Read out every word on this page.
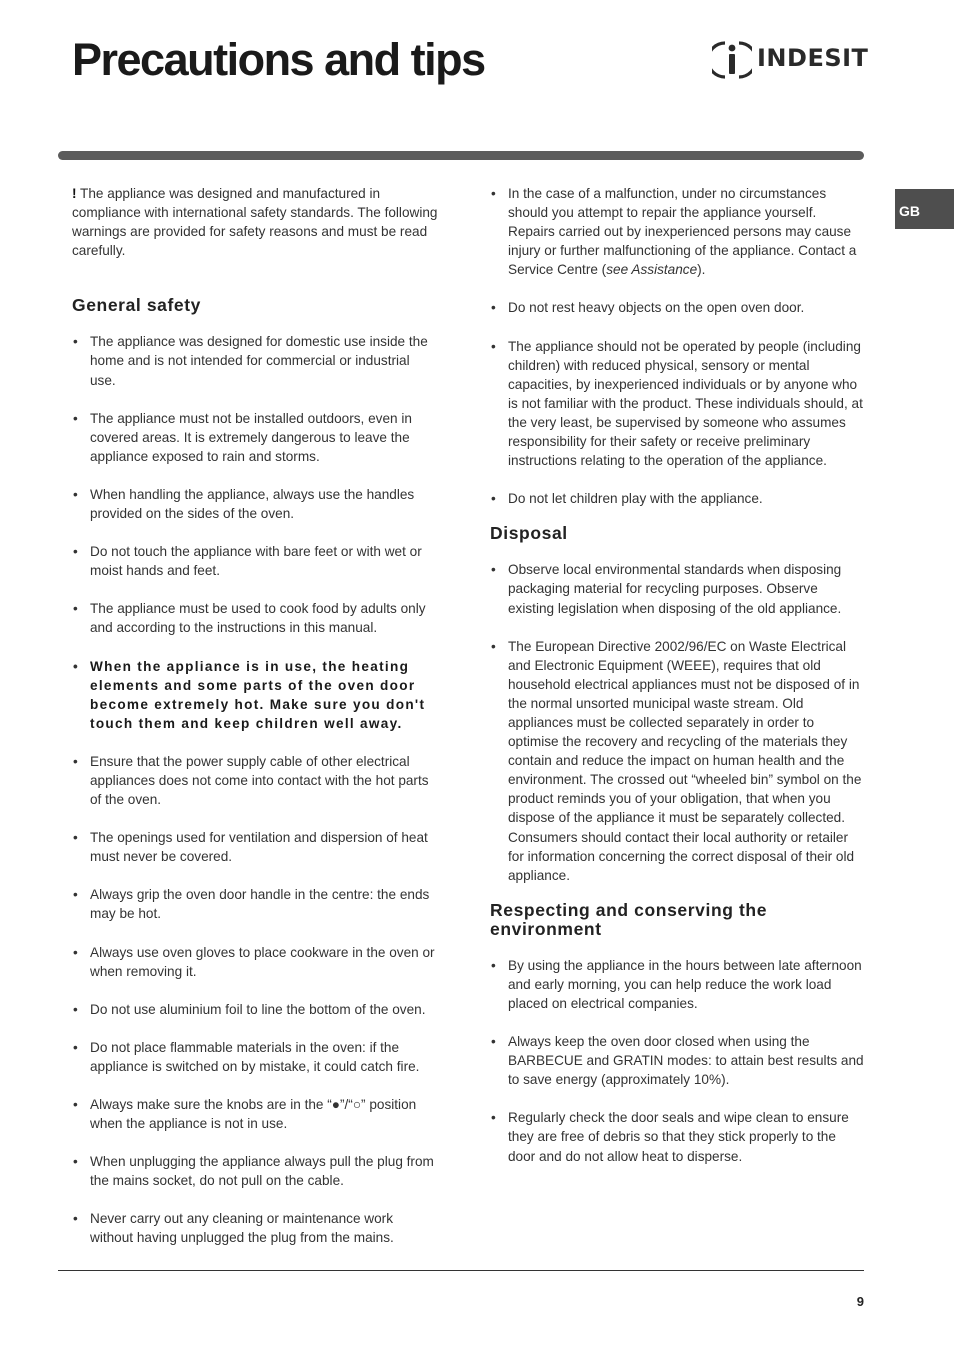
Precautions and tips	INDESIT
GB

! The appliance was designed and manufactured in compliance with international safety standards. The following warnings are provided for safety reasons and must be read carefully.

General safety
• The appliance was designed for domestic use inside the home and is not intended for commercial or industrial use.
• The appliance must not be installed outdoors, even in covered areas. It is extremely dangerous to leave the appliance exposed to rain and storms.
• When handling the appliance, always use the handles provided on the sides of the oven.
• Do not touch the appliance with bare feet or with wet or moist hands and feet.
• The appliance must be used to cook food by adults only and according to the instructions in this manual.
• When the appliance is in use, the heating elements and some parts of the oven door become extremely hot. Make sure you don't touch them and keep children well away.
• Ensure that the power supply cable of other electrical appliances does not come into contact with the hot parts of the oven.
• The openings used for ventilation and dispersion of heat must never be covered.
• Always grip the oven door handle in the centre: the ends may be hot.
• Always use oven gloves to place cookware in the oven or when removing it.
• Do not use aluminium foil to line the bottom of the oven.
• Do not place flammable materials in the oven: if the appliance is switched on by mistake, it could catch fire.
• Always make sure the knobs are in the “●”/“○” position when the appliance is not in use.
• When unplugging the appliance always pull the plug from the mains socket, do not pull on the cable.
• Never carry out any cleaning or maintenance work without having unplugged the plug from the mains.
• In the case of a malfunction, under no circumstances should you attempt to repair the appliance yourself. Repairs carried out by inexperienced persons may cause injury or further malfunctioning of the appliance. Contact a Service Centre (see Assistance).
• Do not rest heavy objects on the open oven door.
• The appliance should not be operated by people (including children) with reduced physical, sensory or mental capacities, by inexperienced individuals or by anyone who is not familiar with the product. These individuals should, at the very least, be supervised by someone who assumes responsibility for their safety or receive preliminary instructions relating to the operation of the appliance.
• Do not let children play with the appliance.
Disposal
• Observe local environmental standards when disposing packaging material for recycling purposes. Observe existing legislation when disposing of the old appliance.
• The European Directive 2002/96/EC on Waste Electrical and Electronic Equipment (WEEE), requires that old household electrical appliances must not be disposed of in the normal unsorted municipal waste stream. Old appliances must be collected separately in order to optimise the recovery and recycling of the materials they contain and reduce the impact on human health and the environment. The crossed out “wheeled bin” symbol on the product reminds you of your obligation, that when you dispose of the appliance it must be separately collected. Consumers should contact their local authority or retailer for information concerning the correct disposal of their old appliance.
Respecting and conserving the environment
• By using the appliance in the hours between late afternoon and early morning, you can help reduce the work load placed on electrical companies.
• Always keep the oven door closed when using the BARBECUE and GRATIN modes: to attain best results and to save energy (approximately 10%).
• Regularly check the door seals and wipe clean to ensure they are free of debris so that they stick properly to the door and do not allow heat to disperse.
9
